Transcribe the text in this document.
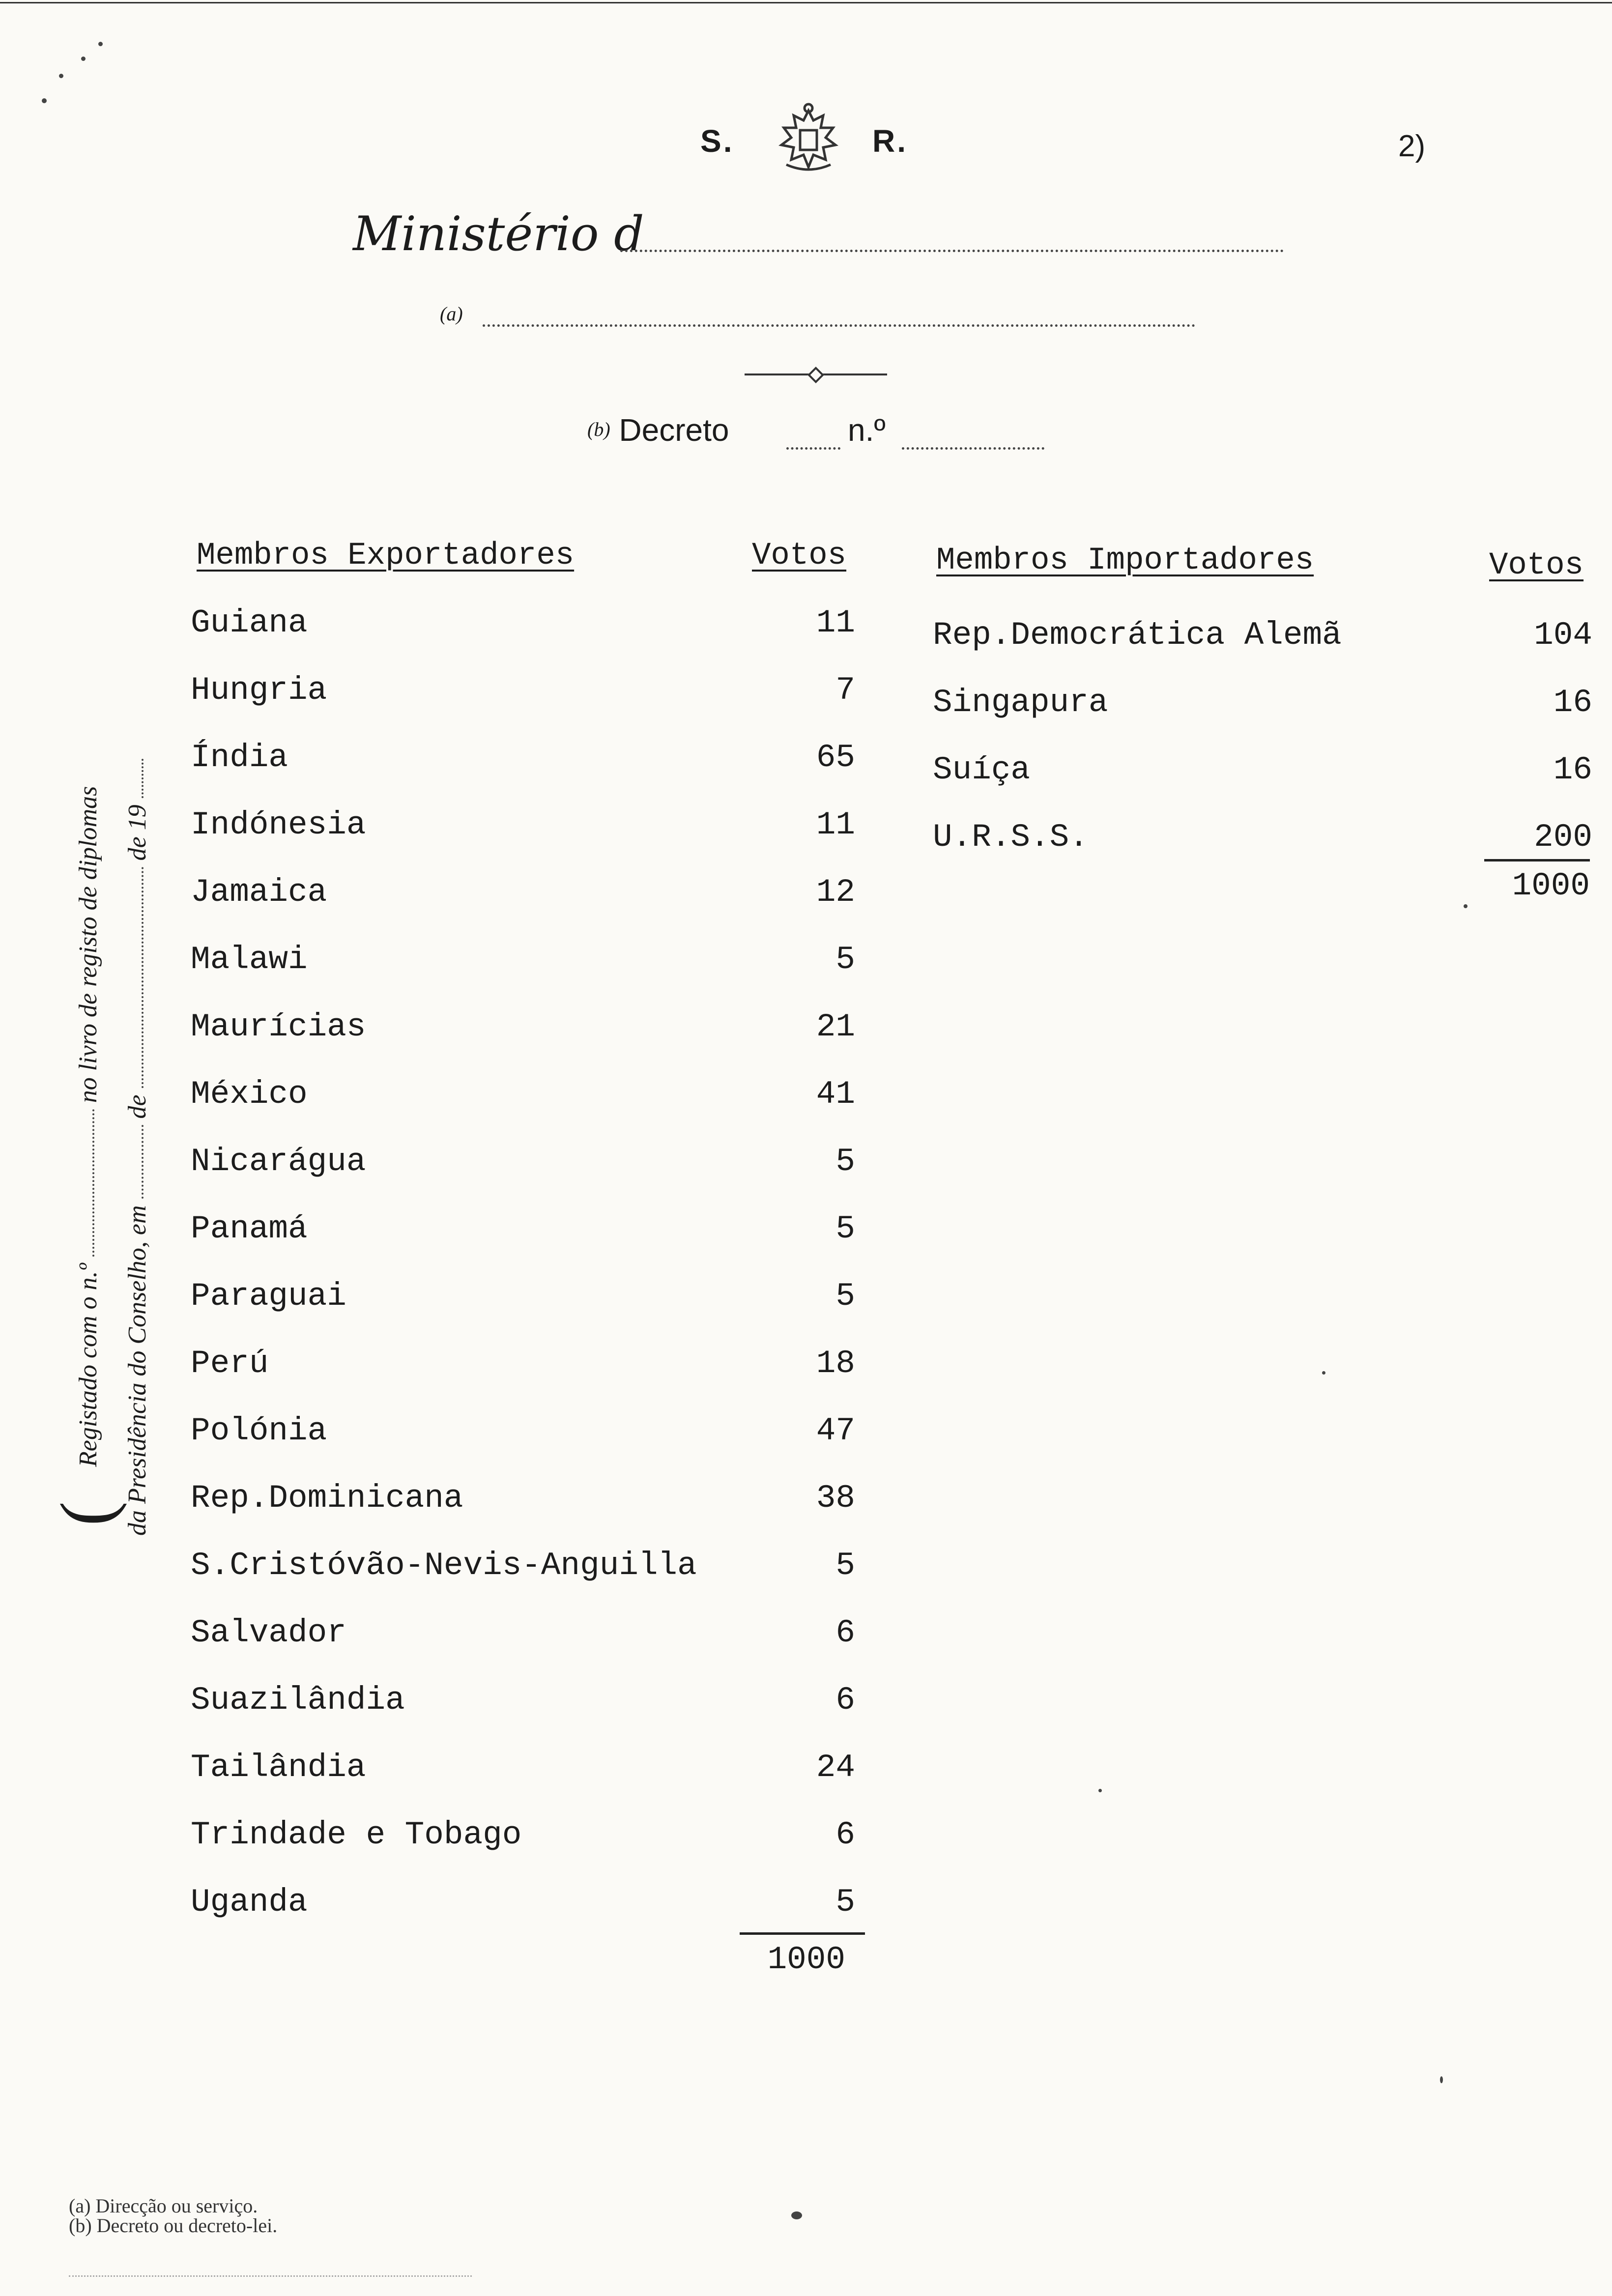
S.	R.	2)
Ministério d
(a)
(b) Decreto	n.º
Registado com o n.º  no livro de registo de diplomas
da Presidência do Conselho, em  de  de 19
(
Membros Exportadores	Votos
Guiana	11
Hungria	7
Índia	65
Indónesia	11
Jamaica	12
Malawi	5
Maurícias	21
México	41
Nicarágua	5
Panamá	5
Paraguai	5
Perú	18
Polónia	47
Rep.Dominicana	38
S.Cristóvão-Nevis-Anguilla	5
Salvador	6
Suazilândia	6
Tailândia	24
Trindade e Tobago	6
Uganda	5
1000
Membros Importadores	Votos
Rep.Democrática Alemã	104
Singapura	16
Suíça	16
U.R.S.S.	200
1000
(a) Direcção ou serviço.
(b) Decreto ou decreto-lei.
